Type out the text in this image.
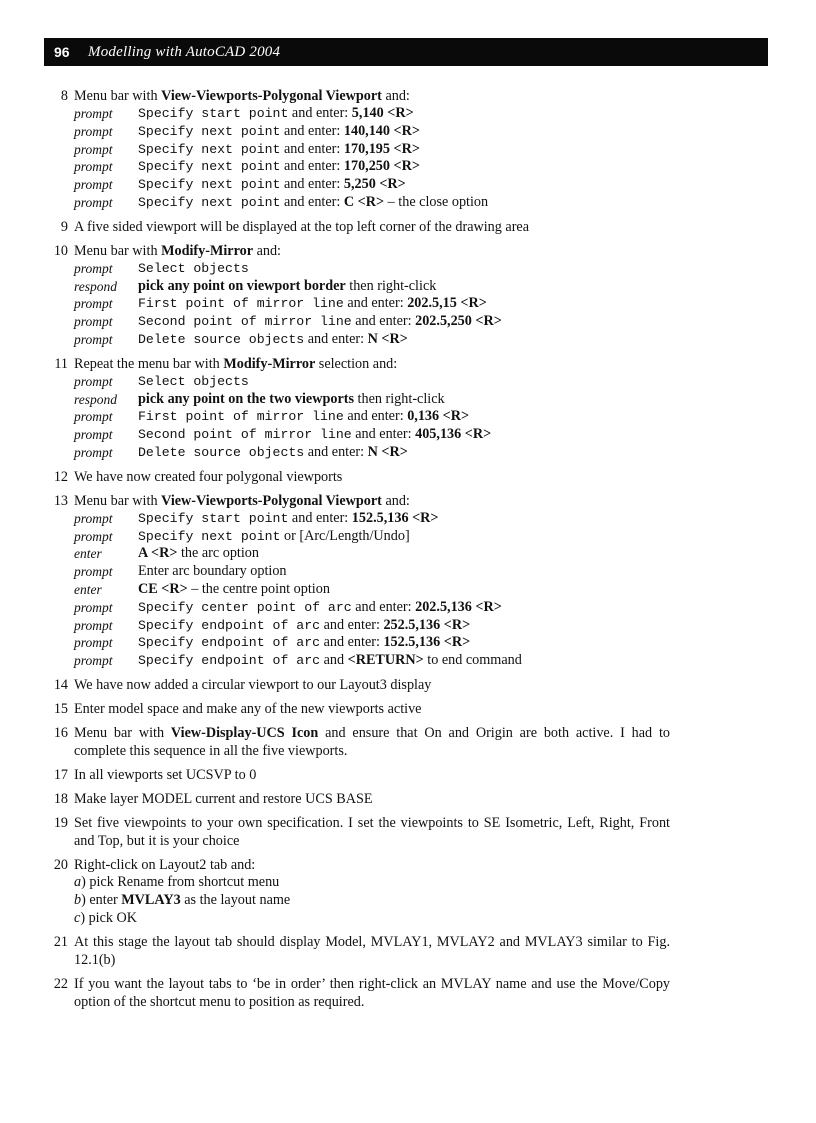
96	Modelling with AutoCAD 2004
8 Menu bar with View-Viewports-Polygonal Viewport and:
prompt	Specify start point and enter: 5,140 <R>
prompt	Specify next point and enter: 140,140 <R>
prompt	Specify next point and enter: 170,195 <R>
prompt	Specify next point and enter: 170,250 <R>
prompt	Specify next point and enter: 5,250 <R>
prompt	Specify next point and enter: C <R> – the close option
9 A five sided viewport will be displayed at the top left corner of the drawing area
10 Menu bar with Modify-Mirror and:
prompt	Select objects
respond	pick any point on viewport border then right-click
prompt	First point of mirror line and enter: 202.5,15 <R>
prompt	Second point of mirror line and enter: 202.5,250 <R>
prompt	Delete source objects and enter: N <R>
11 Repeat the menu bar with Modify-Mirror selection and:
prompt	Select objects
respond	pick any point on the two viewports then right-click
prompt	First point of mirror line and enter: 0,136 <R>
prompt	Second point of mirror line and enter: 405,136 <R>
prompt	Delete source objects and enter: N <R>
12 We have now created four polygonal viewports
13 Menu bar with View-Viewports-Polygonal Viewport and:
prompt	Specify start point and enter: 152.5,136 <R>
prompt	Specify next point or [Arc/Length/Undo]
enter	A <R> the arc option
prompt	Enter arc boundary option
enter	CE <R> – the centre point option
prompt	Specify center point of arc and enter: 202.5,136 <R>
prompt	Specify endpoint of arc and enter: 252.5,136 <R>
prompt	Specify endpoint of arc and enter: 152.5,136 <R>
prompt	Specify endpoint of arc and <RETURN> to end command
14 We have now added a circular viewport to our Layout3 display
15 Enter model space and make any of the new viewports active
16 Menu bar with View-Display-UCS Icon and ensure that On and Origin are both active. I had to complete this sequence in all the five viewports.
17 In all viewports set UCSVP to 0
18 Make layer MODEL current and restore UCS BASE
19 Set five viewpoints to your own specification. I set the viewpoints to SE Isometric, Left, Right, Front and Top, but it is your choice
20 Right-click on Layout2 tab and:
a) pick Rename from shortcut menu
b) enter MVLAY3 as the layout name
c) pick OK
21 At this stage the layout tab should display Model, MVLAY1, MVLAY2 and MVLAY3 similar to Fig. 12.1(b)
22 If you want the layout tabs to ‘be in order’ then right-click an MVLAY name and use the Move/Copy option of the shortcut menu to position as required.
